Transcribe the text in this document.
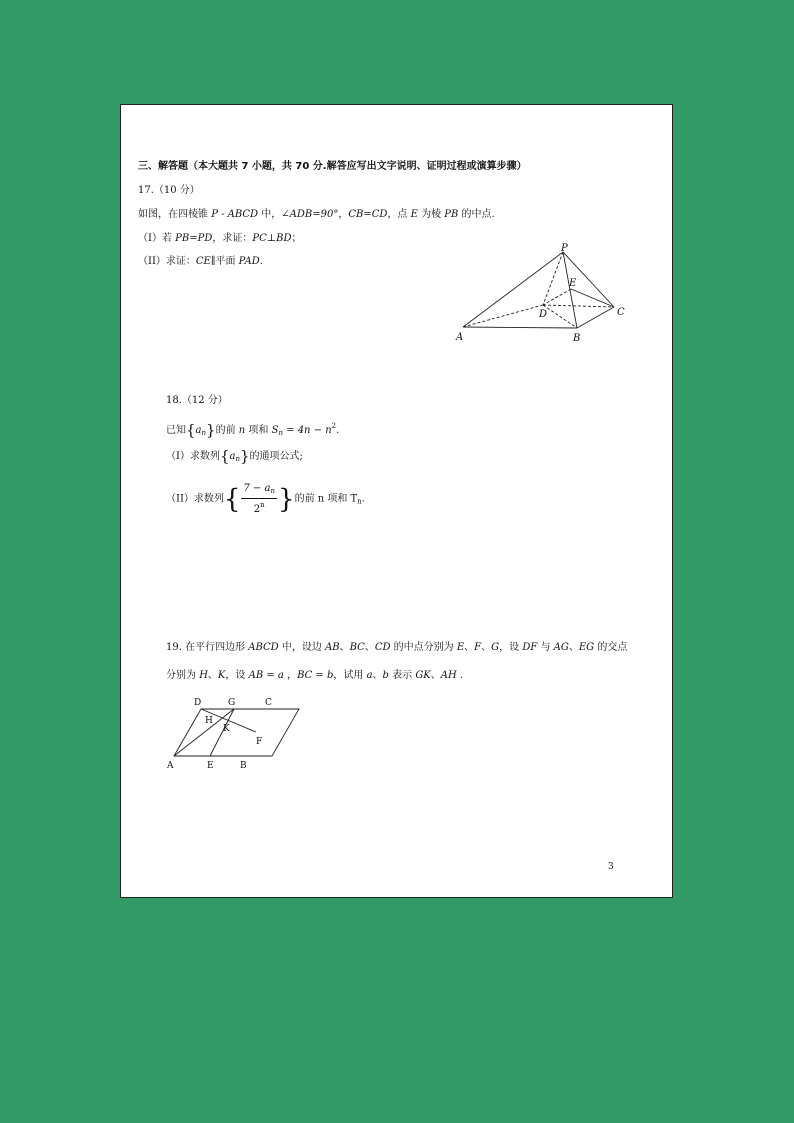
三、解答题（本大题共 7 小题，共 70 分.解答应写出文字说明、证明过程或演算步骤）
17.（10 分）
如图，在四棱锥 P - ABCD 中，∠ADB=90°，CB=CD，点 E 为棱 PB 的中点.
（I）若 PB=PD，求证：PC⊥BD；
（II）求证：CE∥平面 PAD.
P
E
D	C
A	B
18.（12 分）
已知$\{a_n\}$的前 n 项和 $S_n = 4n - n^2$.
（I）求数列$\{a_n\}$的通项公式;
（II）求数列{ $\frac{7 - a_n}{2^n}$ }的前 n 项和 $T_n$.
19. 在平行四边形 ABCD 中，设边 AB、BC、CD 的中点分别为 E、F、G，设 DF 与 AG、EG 的交点
分别为 H、K，设 AB = a ，BC = b，试用 a、b 表示 GK、AH .
D	G	C
H
K
F
A	E	B
3
